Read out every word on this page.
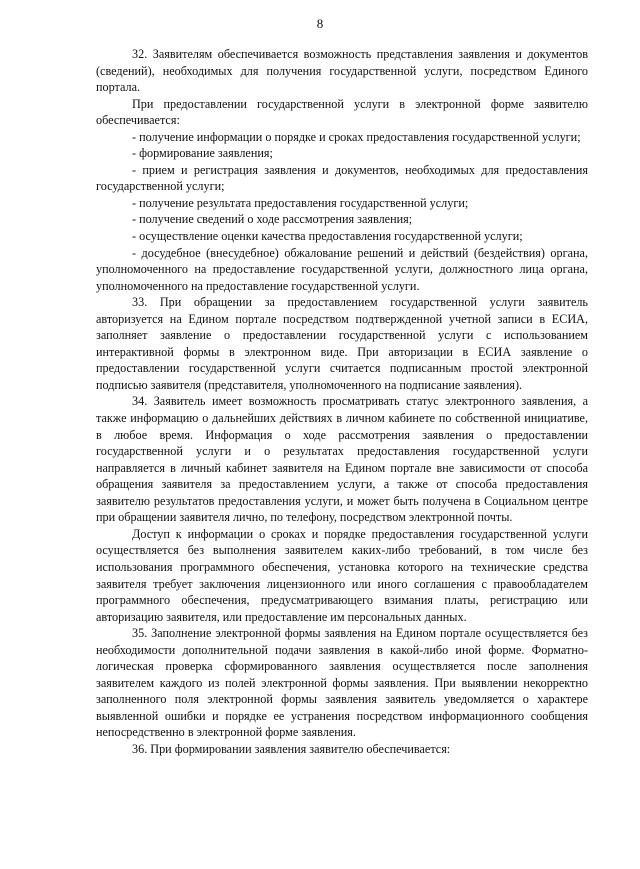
8

32. Заявителям обеспечивается возможность представления заявления и документов (сведений), необходимых для получения государственной услуги, посредством Единого портала.

При предоставлении государственной услуги в электронной форме заявителю обеспечивается:

- получение информации о порядке и сроках предоставления государственной услуги;

- формирование заявления;

- прием и регистрация заявления и документов, необходимых для предоставления государственной услуги;

- получение результата предоставления государственной услуги;

- получение сведений о ходе рассмотрения заявления;

- осуществление оценки качества предоставления государственной услуги;

- досудебное (внесудебное) обжалование решений и действий (бездействия) органа, уполномоченного на предоставление государственной услуги, должностного лица органа, уполномоченного на предоставление государственной услуги.

33. При обращении за предоставлением государственной услуги заявитель авторизуется на Едином портале посредством подтвержденной учетной записи в ЕСИА, заполняет заявление о предоставлении государственной услуги с использованием интерактивной формы в электронном виде. При авторизации в ЕСИА заявление о предоставлении государственной услуги считается подписанным простой электронной подписью заявителя (представителя, уполномоченного на подписание заявления).

34. Заявитель имеет возможность просматривать статус электронного заявления, а также информацию о дальнейших действиях в личном кабинете по собственной инициативе, в любое время. Информация о ходе рассмотрения заявления о предоставлении государственной услуги и о результатах предоставления государственной услуги направляется в личный кабинет заявителя на Едином портале вне зависимости от способа обращения заявителя за предоставлением услуги, а также от способа предоставления заявителю результатов предоставления услуги, и может быть получена в Социальном центре при обращении заявителя лично, по телефону, посредством электронной почты.

Доступ к информации о сроках и порядке предоставления государственной услуги осуществляется без выполнения заявителем каких-либо требований, в том числе без использования программного обеспечения, установка которого на технические средства заявителя требует заключения лицензионного или иного соглашения с правообладателем программного обеспечения, предусматривающего взимания платы, регистрацию или авторизацию заявителя, или предоставление им персональных данных.

35. Заполнение электронной формы заявления на Едином портале осуществляется без необходимости дополнительной подачи заявления в какой-либо иной форме. Форматно-логическая проверка сформированного заявления осуществляется после заполнения заявителем каждого из полей электронной формы заявления. При выявлении некорректно заполненного поля электронной формы заявления заявитель уведомляется о характере выявленной ошибки и порядке ее устранения посредством информационного сообщения непосредственно в электронной форме заявления.

36. При формировании заявления заявителю обеспечивается:
